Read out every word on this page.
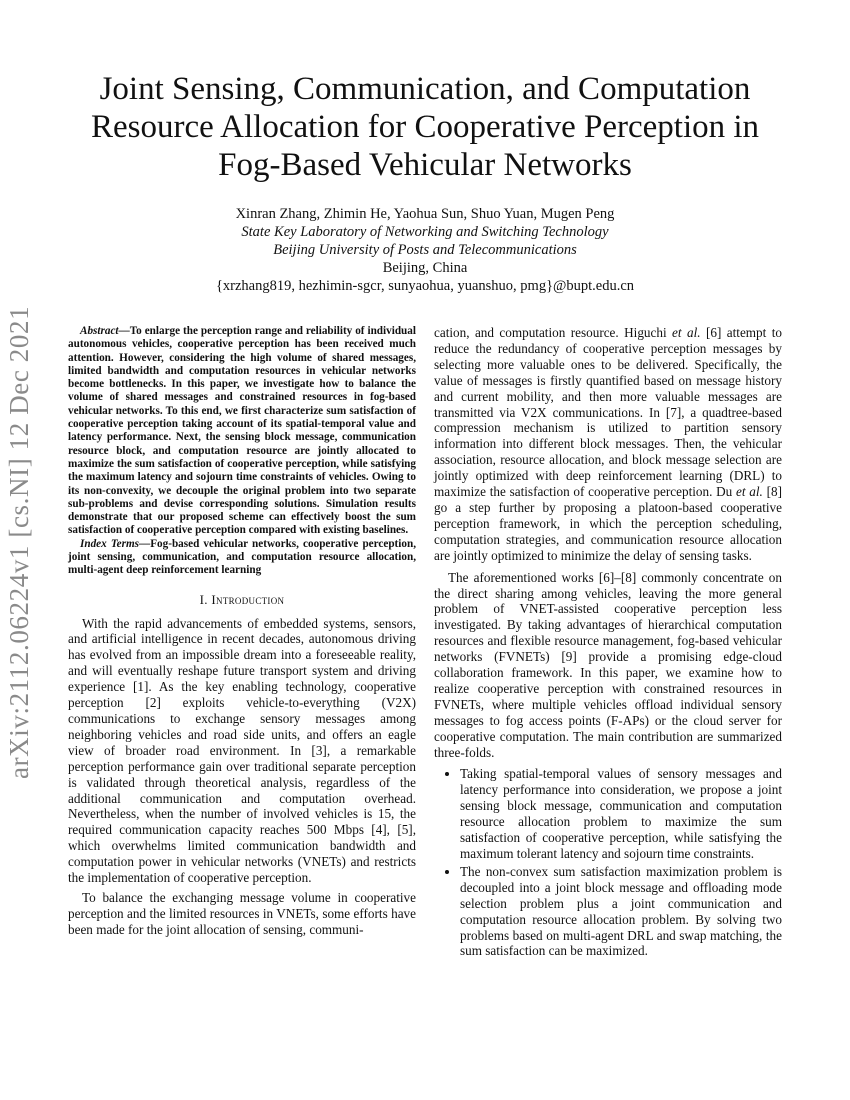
arXiv:2112.06224v1 [cs.NI] 12 Dec 2021
Joint Sensing, Communication, and Computation
Resource Allocation for Cooperative Perception in
Fog-Based Vehicular Networks
Xinran Zhang, Zhimin He, Yaohua Sun, Shuo Yuan, Mugen Peng
State Key Laboratory of Networking and Switching Technology
Beijing University of Posts and Telecommunications
Beijing, China
{xrzhang819, hezhimin-sgcr, sunyaohua, yuanshuo, pmg}@bupt.edu.cn

Abstract—To enlarge the perception range and reliability of individual autonomous vehicles, cooperative perception has been received much attention. However, considering the high volume of shared messages, limited bandwidth and computation resources in vehicular networks become bottlenecks. In this paper, we investigate how to balance the volume of shared messages and constrained resources in fog-based vehicular networks. To this end, we first characterize sum satisfaction of cooperative perception taking account of its spatial-temporal value and latency performance. Next, the sensing block message, communication resource block, and computation resource are jointly allocated to maximize the sum satisfaction of cooperative perception, while satisfying the maximum latency and sojourn time constraints of vehicles. Owing to its non-convexity, we decouple the original problem into two separate sub-problems and devise corresponding solutions. Simulation results demonstrate that our proposed scheme can effectively boost the sum satisfaction of cooperative perception compared with existing baselines.

Index Terms—Fog-based vehicular networks, cooperative perception, joint sensing, communication, and computation resource allocation, multi-agent deep reinforcement learning

I. Introduction

With the rapid advancements of embedded systems, sensors, and artificial intelligence in recent decades, autonomous driving has evolved from an impossible dream into a foreseeable reality, and will eventually reshape future transport system and driving experience [1]. As the key enabling technology, cooperative perception [2] exploits vehicle-to-everything (V2X) communications to exchange sensory messages among neighboring vehicles and road side units, and offers an eagle view of broader road environment. In [3], a remarkable perception performance gain over traditional separate perception is validated through theoretical analysis, regardless of the additional communication and computation overhead. Nevertheless, when the number of involved vehicles is 15, the required communication capacity reaches 500 Mbps [4], [5], which overwhelms limited communication bandwidth and computation power in vehicular networks (VNETs) and restricts the implementation of cooperative perception.

To balance the exchanging message volume in cooperative perception and the limited resources in VNETs, some efforts have been made for the joint allocation of sensing, communi-

cation, and computation resource. Higuchi et al. [6] attempt to reduce the redundancy of cooperative perception messages by selecting more valuable ones to be delivered. Specifically, the value of messages is firstly quantified based on message history and current mobility, and then more valuable messages are transmitted via V2X communications. In [7], a quadtree-based compression mechanism is utilized to partition sensory information into different block messages. Then, the vehicular association, resource allocation, and block message selection are jointly optimized with deep reinforcement learning (DRL) to maximize the satisfaction of cooperative perception. Du et al. [8] go a step further by proposing a platoon-based cooperative perception framework, in which the perception scheduling, computation strategies, and communication resource allocation are jointly optimized to minimize the delay of sensing tasks.

The aforementioned works [6]–[8] commonly concentrate on the direct sharing among vehicles, leaving the more general problem of VNET-assisted cooperative perception less investigated. By taking advantages of hierarchical computation resources and flexible resource management, fog-based vehicular networks (FVNETs) [9] provide a promising edge-cloud collaboration framework. In this paper, we examine how to realize cooperative perception with constrained resources in FVNETs, where multiple vehicles offload individual sensory messages to fog access points (F-APs) or the cloud server for cooperative computation. The main contribution are summarized three-folds.

• Taking spatial-temporal values of sensory messages and latency performance into consideration, we propose a joint sensing block message, communication and computation resource allocation problem to maximize the sum satisfaction of cooperative perception, while satisfying the maximum tolerant latency and sojourn time constraints.
• The non-convex sum satisfaction maximization problem is decoupled into a joint block message and offloading mode selection problem plus a joint communication and computation resource allocation problem. By solving two problems based on multi-agent DRL and swap matching, the sum satisfaction can be maximized.
